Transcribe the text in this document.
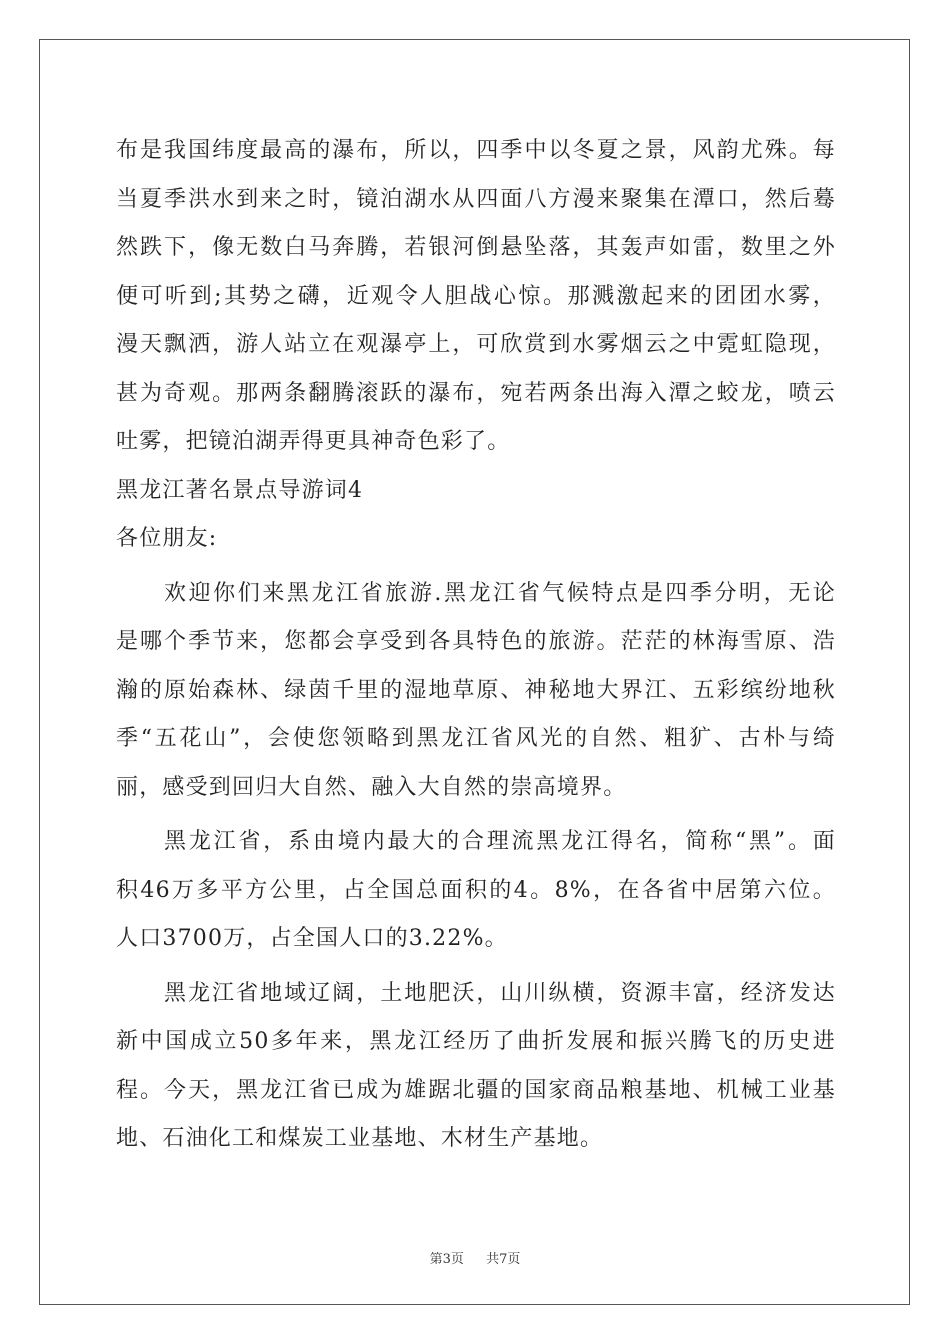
布是我国纬度最高的瀑布，所以，四季中以冬夏之景，风韵尤殊。每
当夏季洪水到来之时，镜泊湖水从四面八方漫来聚集在潭口，然后蓦
然跌下，像无数白马奔腾，若银河倒悬坠落，其轰声如雷，数里之外
便可听到;其势之礴，近观令人胆战心惊。那溅激起来的团团水雾，
漫天飘洒，游人站立在观瀑亭上，可欣赏到水雾烟云之中霓虹隐现，
甚为奇观。那两条翻腾滚跃的瀑布，宛若两条出海入潭之蛟龙，喷云
吐雾，把镜泊湖弄得更具神奇色彩了。
黑龙江著名景点导游词4
各位朋友:
欢迎你们来黑龙江省旅游.黑龙江省气候特点是四季分明，无论
是哪个季节来，您都会享受到各具特色的旅游。茫茫的林海雪原、浩
瀚的原始森林、绿茵千里的湿地草原、神秘地大界江、五彩缤纷地秋
季“五花山”，会使您领略到黑龙江省风光的自然、粗犷、古朴与绮
丽，感受到回归大自然、融入大自然的崇高境界。
黑龙江省，系由境内最大的合理流黑龙江得名，简称“黑”。面
积46万多平方公里，占全国总面积的4。8%，在各省中居第六位。
人口3700万，占全国人口的3.22%。
黑龙江省地域辽阔，土地肥沃，山川纵横，资源丰富，经济发达
新中国成立50多年来，黑龙江经历了曲折发展和振兴腾飞的历史进
程。今天，黑龙江省已成为雄踞北疆的国家商品粮基地、机械工业基
地、石油化工和煤炭工业基地、木材生产基地。
第3页 共7页
